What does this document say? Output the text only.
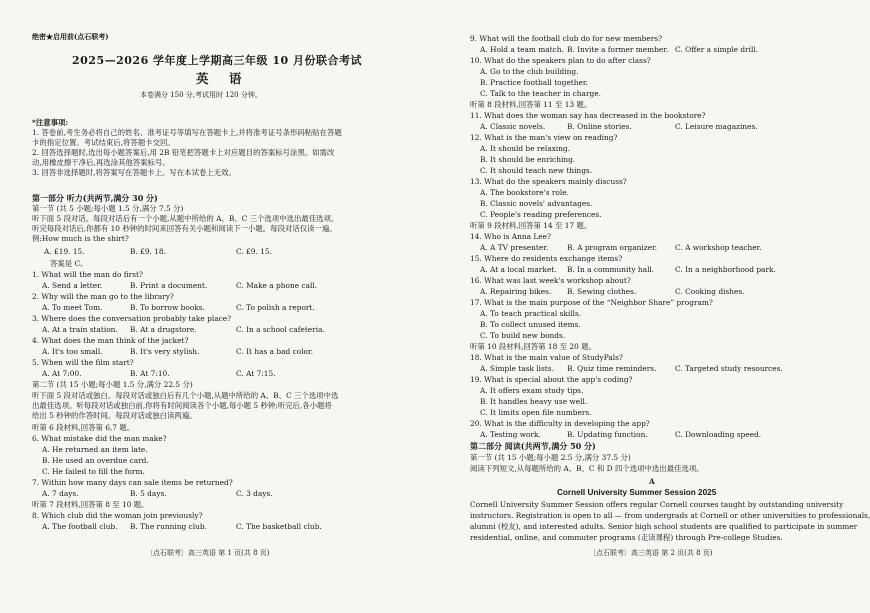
绝密★启用前(点石联考)
2025—2026 学年度上学期高三年级 10 月份联合考试
英 语
本卷满分 150 分,考试用时 120 分钟。
*注意事项:
1. 答卷前,考生务必将自己的姓名、准考证号等填写在答题卡上,并将准考证号条形码粘贴在答题
卡的指定位置。考试结束后,将答题卡交回。
2. 回答选择题时,选出每小题答案后,用 2B 铅笔把答题卡上对应题目的答案标号涂黑。如需改
动,用橡皮擦干净后,再选涂其他答案标号。
3. 回答非选择题时,将答案写在答题卡上。写在本试卷上无效。
第一部分 听力(共两节,满分 30 分)
第一节 (共 5 小题;每小题 1.5 分,满分 7.5 分)
听下面 5 段对话。每段对话后有一个小题,从题中所给的 A、B、C 三个选项中选出最佳选项。
听完每段对话后,你都有 10 秒钟的时间来回答有关小题和阅读下一小题。每段对话仅读一遍。
例:How much is the shirt?
A. £19. 15.	B. £9. 18.	C. £9. 15.
答案是 C。
1. What will the man do first?
A. Send a letter.	B. Print a document.	C. Make a phone call.
2. Why will the man go to the library?
A. To meet Tom.	B. To borrow books.	C. To polish a report.
3. Where does the conversation probably take place?
A. At a train station. B. At a drugstore.	C. In a school cafeteria.
4. What does the man think of the jacket?
A. It's too small.	B. It's very stylish.	C. It has a bad color.
5. When will the film start?
A. At 7:00.	B. At 7:10.	C. At 7:15.
第二节 (共 15 小题;每小题 1.5 分,满分 22.5 分)
听下面 5 段对话或独白。每段对话或独白后有几个小题,从题中所给的 A、B、C 三个选项中选
出最佳选项。听每段对话或独白前,你将有时间阅读各个小题,每小题 5 秒钟;听完后,各小题将
给出 5 秒钟的作答时间。每段对话或独白读两遍。
听第 6 段材料,回答第 6,7 题。
6. What mistake did the man make?
A. He returned an item late.
B. He used an overdue card.
C. He failed to fill the form.
7. Within how many days can sale items be returned?
A. 7 days.	B. 5 days.	C. 3 days.
听第 7 段材料,回答第 8 至 10 题。
8. Which club did the woman join previously?
A. The football club. B. The running club.	C. The basketball club.
〔点石联考〕高三英语 第 1 页(共 8 页)
9. What will the football club do for new members?
A. Hold a team match. B. Invite a former member. C. Offer a simple drill.
10. What do the speakers plan to do after class?
A. Go to the club building.
B. Practice football together.
C. Talk to the teacher in charge.
听第 8 段材料,回答第 11 至 13 题。
11. What does the woman say has decreased in the bookstore?
A. Classic novels.	B. Online stories.	C. Leisure magazines.
12. What is the man's view on reading?
A. It should be relaxing.
B. It should be enriching.
C. It should teach new things.
13. What do the speakers mainly discuss?
A. The bookstore's role.
B. Classic novels' advantages.
C. People's reading preferences.
听第 9 段材料,回答第 14 至 17 题。
14. Who is Anna Lee?
A. A TV presenter.	B. A program organizer. C. A workshop teacher.
15. Where do residents exchange items?
A. At a local market. B. In a community hall.	C. In a neighborhood park.
16. What was last week's workshop about?
A. Repairing bikes. B. Sewing clothes.	C. Cooking dishes.
17. What is the main purpose of the “Neighbor Share” program?
A. To teach practical skills.
B. To collect unused items.
C. To build new bonds.
听第 10 段材料,回答第 18 至 20 题。
18. What is the main value of StudyPals?
A. Simple task lists. B. Quiz time reminders.	C. Targeted study resources.
19. What is special about the app's coding?
A. It offers exam study tips.
B. It handles heavy use well.
C. It limits open file numbers.
20. What is the difficulty in developing the app?
A. Testing work.	B. Updating function.	C. Downloading speed.
第二部分 阅读(共两节,满分 50 分)
第一节 (共 15 小题;每小题 2.5 分,满分 37.5 分)
阅读下列短文,从每题所给的 A、B、C 和 D 四个选项中选出最佳选项。
A
Cornell University Summer Session 2025
Cornell University Summer Session offers regular Cornell courses taught by outstanding university
instructors. Registration is open to all — from undergrads at Cornell or other universities to professionals,
alumni (校友), and interested adults. Senior high school students are qualified to participate in summer
residential, online, and commuter programs (走读课程) through Pre-college Studies.
〔点石联考〕高三英语 第 2 页(共 8 页)
